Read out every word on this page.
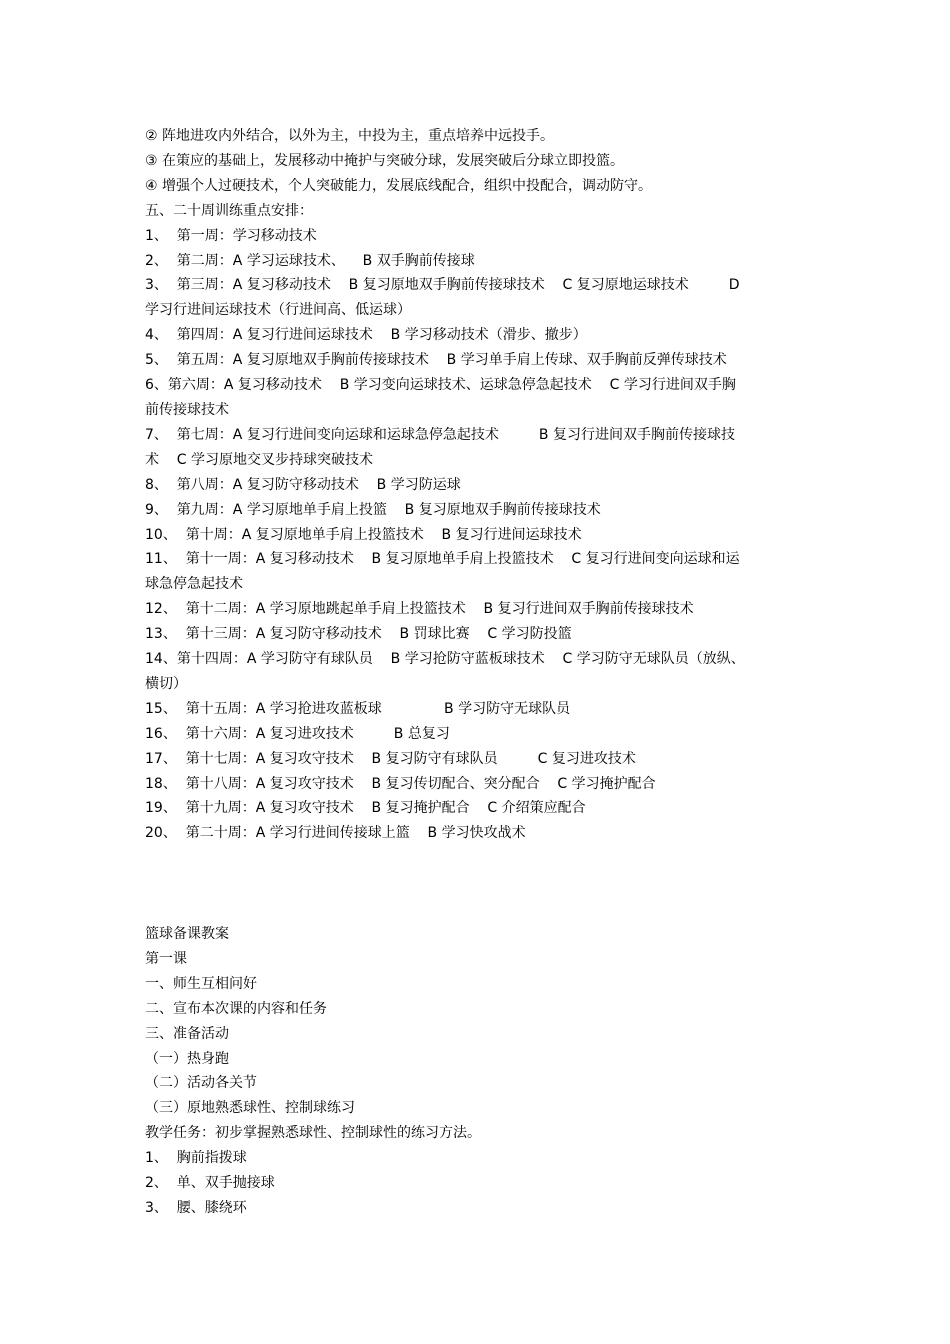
② 阵地进攻内外结合，以外为主，中投为主，重点培养中远投手。
③ 在策应的基础上，发展移动中掩护与突破分球，发展突破后分球立即投篮。
④ 增强个人过硬技术，个人突破能力，发展底线配合，组织中投配合，调动防守。
五、二十周训练重点安排：
1、  第一周：学习移动技术
2、  第二周：A 学习运球技术、    B 双手胸前传接球
3、  第三周：A 复习移动技术    B 复习原地双手胸前传接球技术    C 复习原地运球技术         D
学习行进间运球技术（行进间高、低运球）
4、  第四周：A 复习行进间运球技术    B 学习移动技术（滑步、撤步）
5、  第五周：A 复习原地双手胸前传接球技术    B 学习单手肩上传球、双手胸前反弹传球技术
6、第六周：A 复习移动技术    B 学习变向运球技术、运球急停急起技术    C 学习行进间双手胸
前传接球技术
7、  第七周：A 复习行进间变向运球和运球急停急起技术         B 复习行进间双手胸前传接球技
术    C 学习原地交叉步持球突破技术
8、  第八周：A 复习防守移动技术    B 学习防运球
9、  第九周：A 学习原地单手肩上投篮    B 复习原地双手胸前传接球技术
10、  第十周：A 复习原地单手肩上投篮技术    B 复习行进间运球技术
11、  第十一周：A 复习移动技术    B 复习原地单手肩上投篮技术    C 复习行进间变向运球和运
球急停急起技术
12、  第十二周：A 学习原地跳起单手肩上投篮技术    B 复习行进间双手胸前传接球技术
13、  第十三周：A 复习防守移动技术    B 罚球比赛    C 学习防投篮
14、第十四周：A 学习防守有球队员    B 学习抢防守蓝板球技术    C 学习防守无球队员（放纵、
横切）
15、  第十五周：A 学习抢进攻蓝板球              B 学习防守无球队员
16、  第十六周：A 复习进攻技术         B 总复习
17、  第十七周：A 复习攻守技术    B 复习防守有球队员         C 复习进攻技术
18、  第十八周：A 复习攻守技术    B 复习传切配合、突分配合    C 学习掩护配合
19、  第十九周：A 复习攻守技术    B 复习掩护配合    C 介绍策应配合
20、  第二十周：A 学习行进间传接球上篮    B 学习快攻战术
篮球备课教案
第一课
一、师生互相问好
二、宣布本次课的内容和任务
三、准备活动
（一）热身跑
（二）活动各关节
（三）原地熟悉球性、控制球练习
教学任务：初步掌握熟悉球性、控制球性的练习方法。
1、  胸前指拨球
2、  单、双手抛接球
3、  腰、膝绕环
